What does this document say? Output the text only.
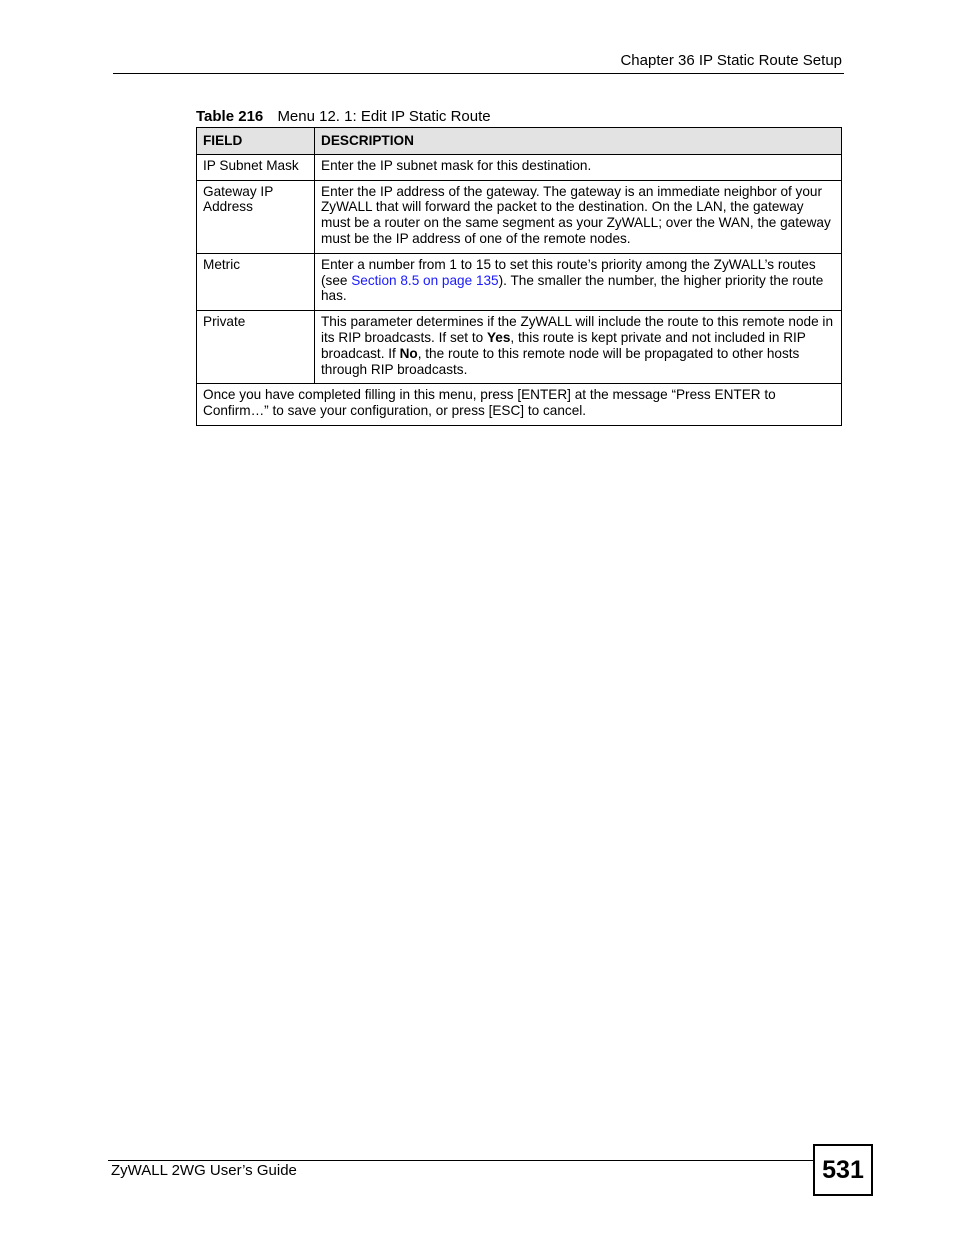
Chapter 36 IP Static Route Setup
Table 216 Menu 12. 1: Edit IP Static Route
FIELD	DESCRIPTION
IP Subnet Mask	Enter the IP subnet mask for this destination.
Gateway IP Address	Enter the IP address of the gateway. The gateway is an immediate neighbor of your ZyWALL that will forward the packet to the destination. On the LAN, the gateway must be a router on the same segment as your ZyWALL; over the WAN, the gateway must be the IP address of one of the remote nodes.
Metric	Enter a number from 1 to 15 to set this route’s priority among the ZyWALL’s routes (see Section 8.5 on page 135). The smaller the number, the higher priority the route has.
Private	This parameter determines if the ZyWALL will include the route to this remote node in its RIP broadcasts. If set to Yes, this route is kept private and not included in RIP broadcast. If No, the route to this remote node will be propagated to other hosts through RIP broadcasts.
Once you have completed filling in this menu, press [ENTER] at the message “Press ENTER to Confirm…” to save your configuration, or press [ESC] to cancel.	
ZyWALL 2WG User’s Guide	531
